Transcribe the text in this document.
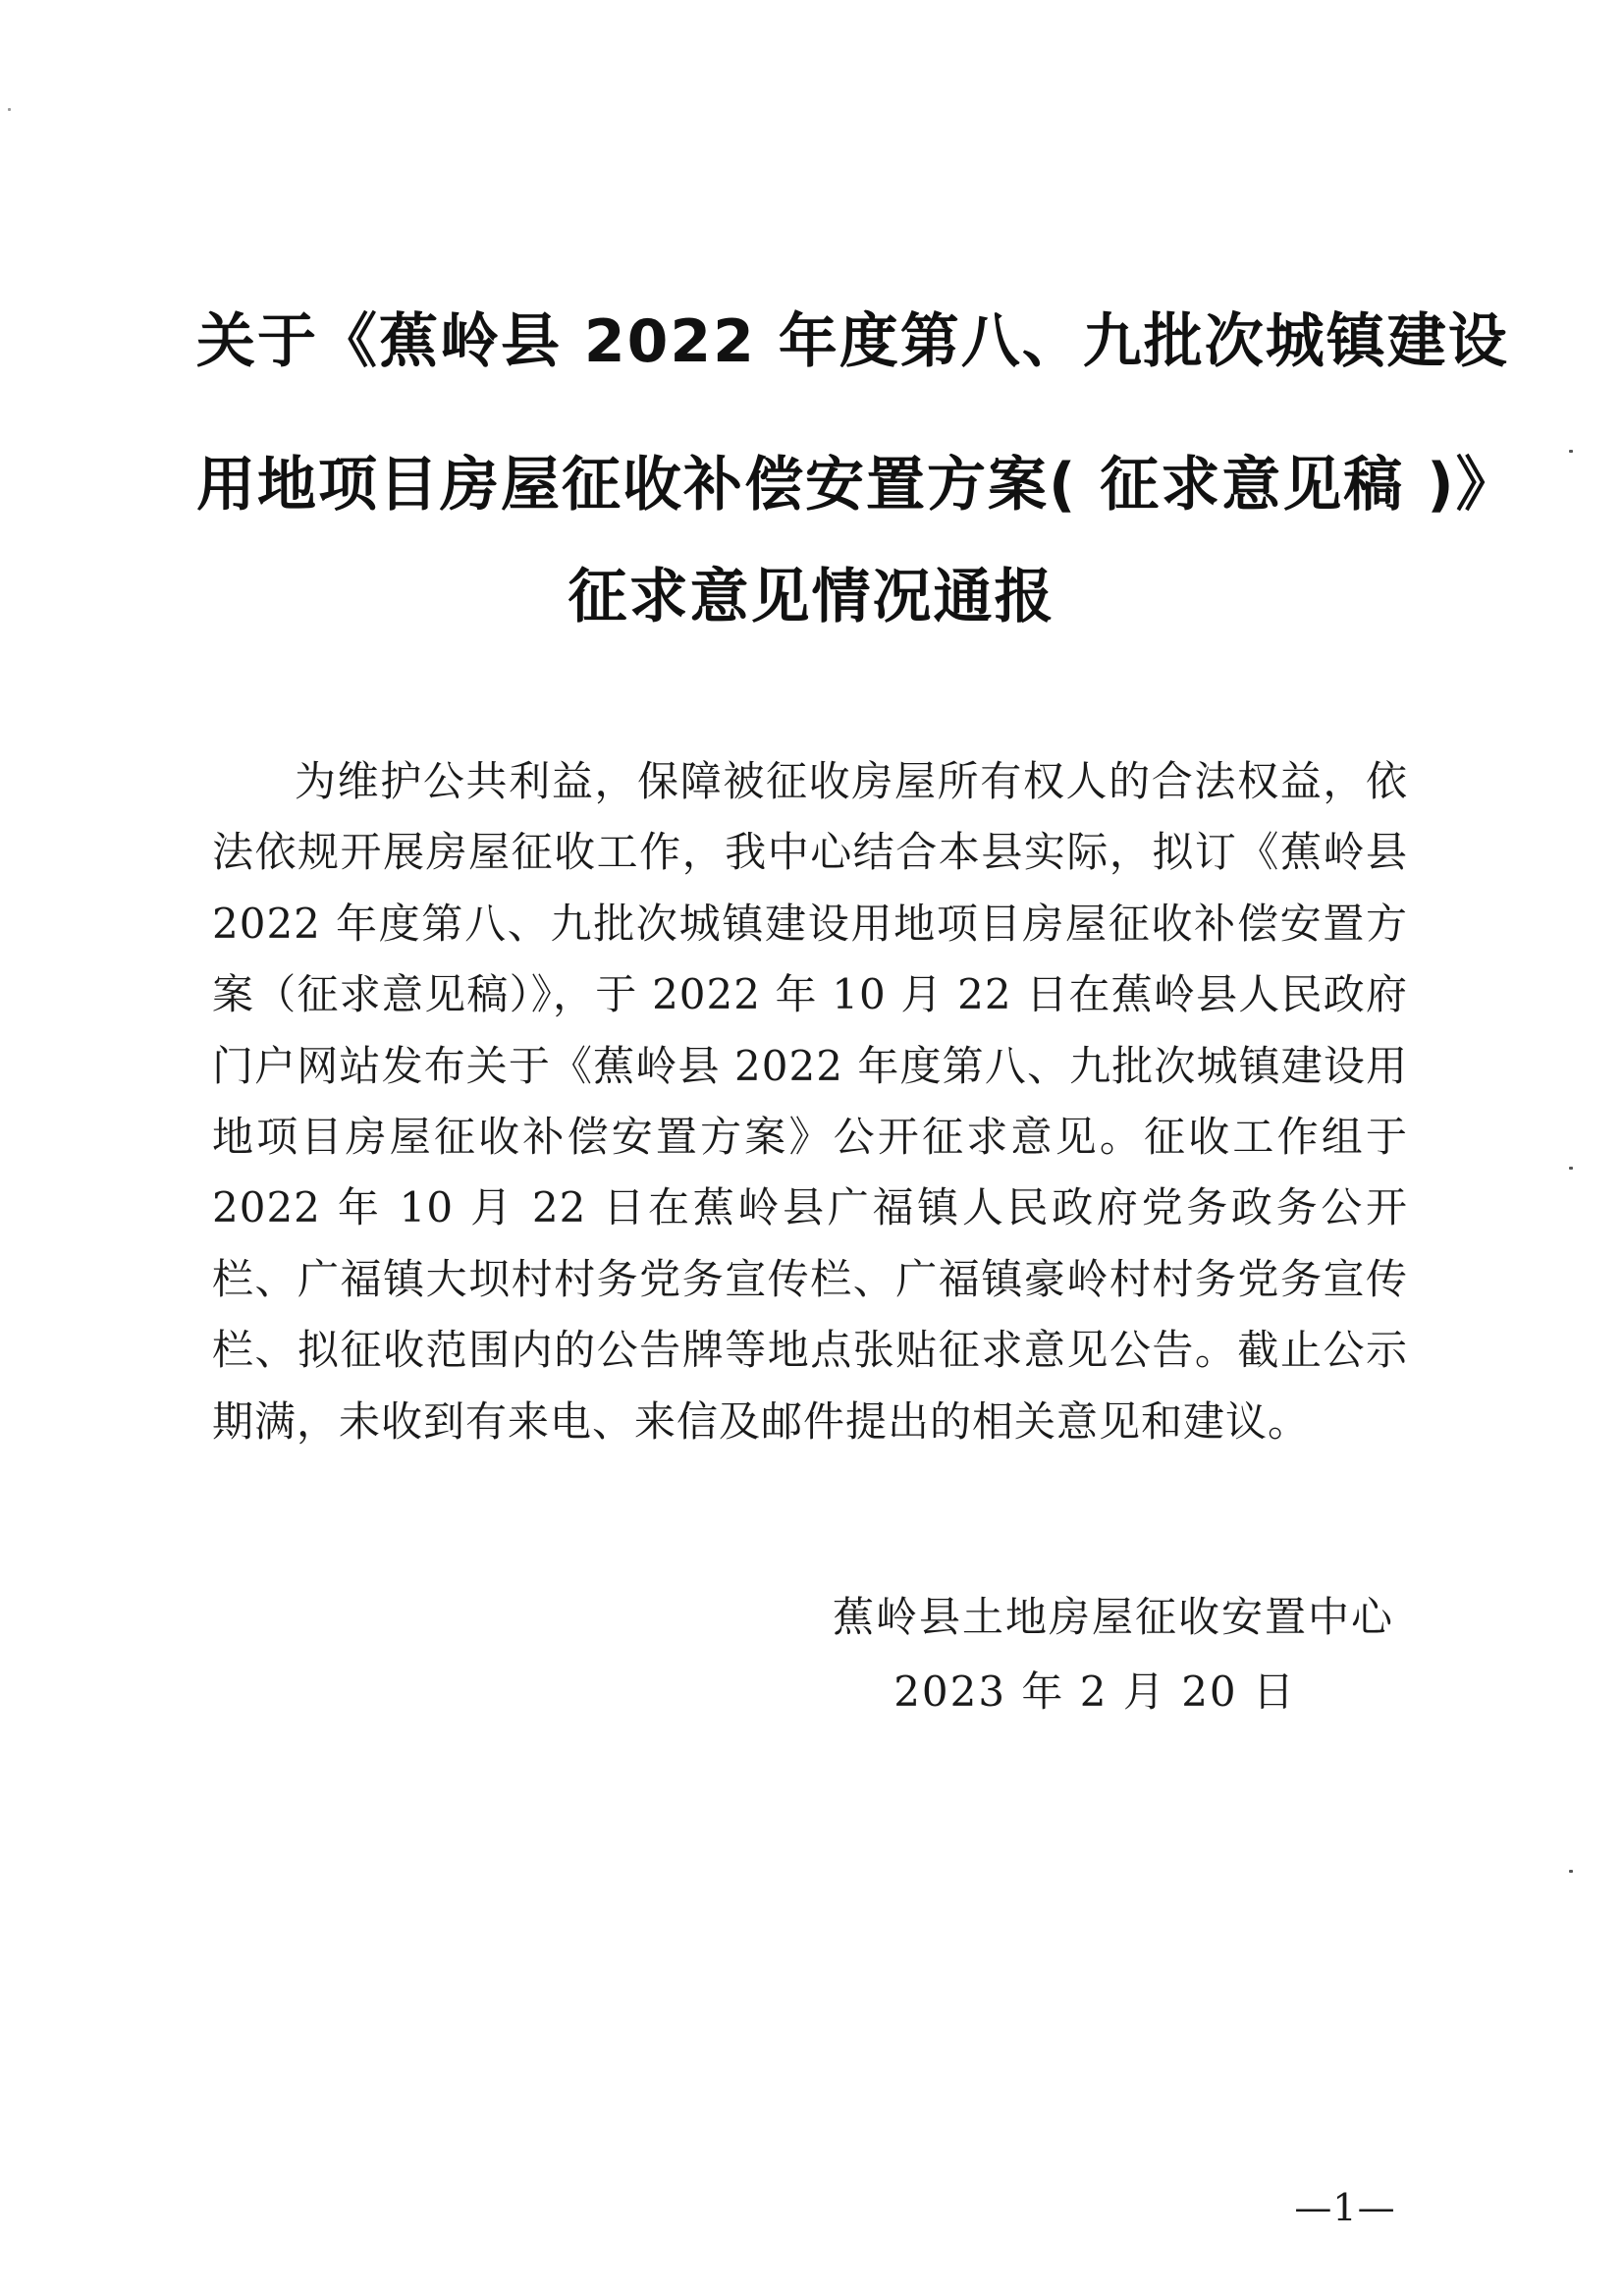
关于《蕉岭县 2022 年度第八、九批次城镇建设
用地项目房屋征收补偿安置方案( 征求意见稿 )》
征求意见情况通报

为维护公共利益，保障被征收房屋所有权人的合法权益，依法依规开展房屋征收工作，我中心结合本县实际，拟订《蕉岭县 2022 年度第八、九批次城镇建设用地项目房屋征收补偿安置方案（征求意见稿）》，于 2022 年 10 月 22 日在蕉岭县人民政府门户网站发布关于《蕉岭县 2022 年度第八、九批次城镇建设用地项目房屋征收补偿安置方案》公开征求意见。征收工作组于 2022 年 10 月 22 日在蕉岭县广福镇人民政府党务政务公开栏、广福镇大坝村村务党务宣传栏、广福镇豪岭村村务党务宣传栏、拟征收范围内的公告牌等地点张贴征求意见公告。截止公示期满，未收到有来电、来信及邮件提出的相关意见和建议。

蕉岭县土地房屋征收安置中心
2023 年 2 月 20 日
—1—
